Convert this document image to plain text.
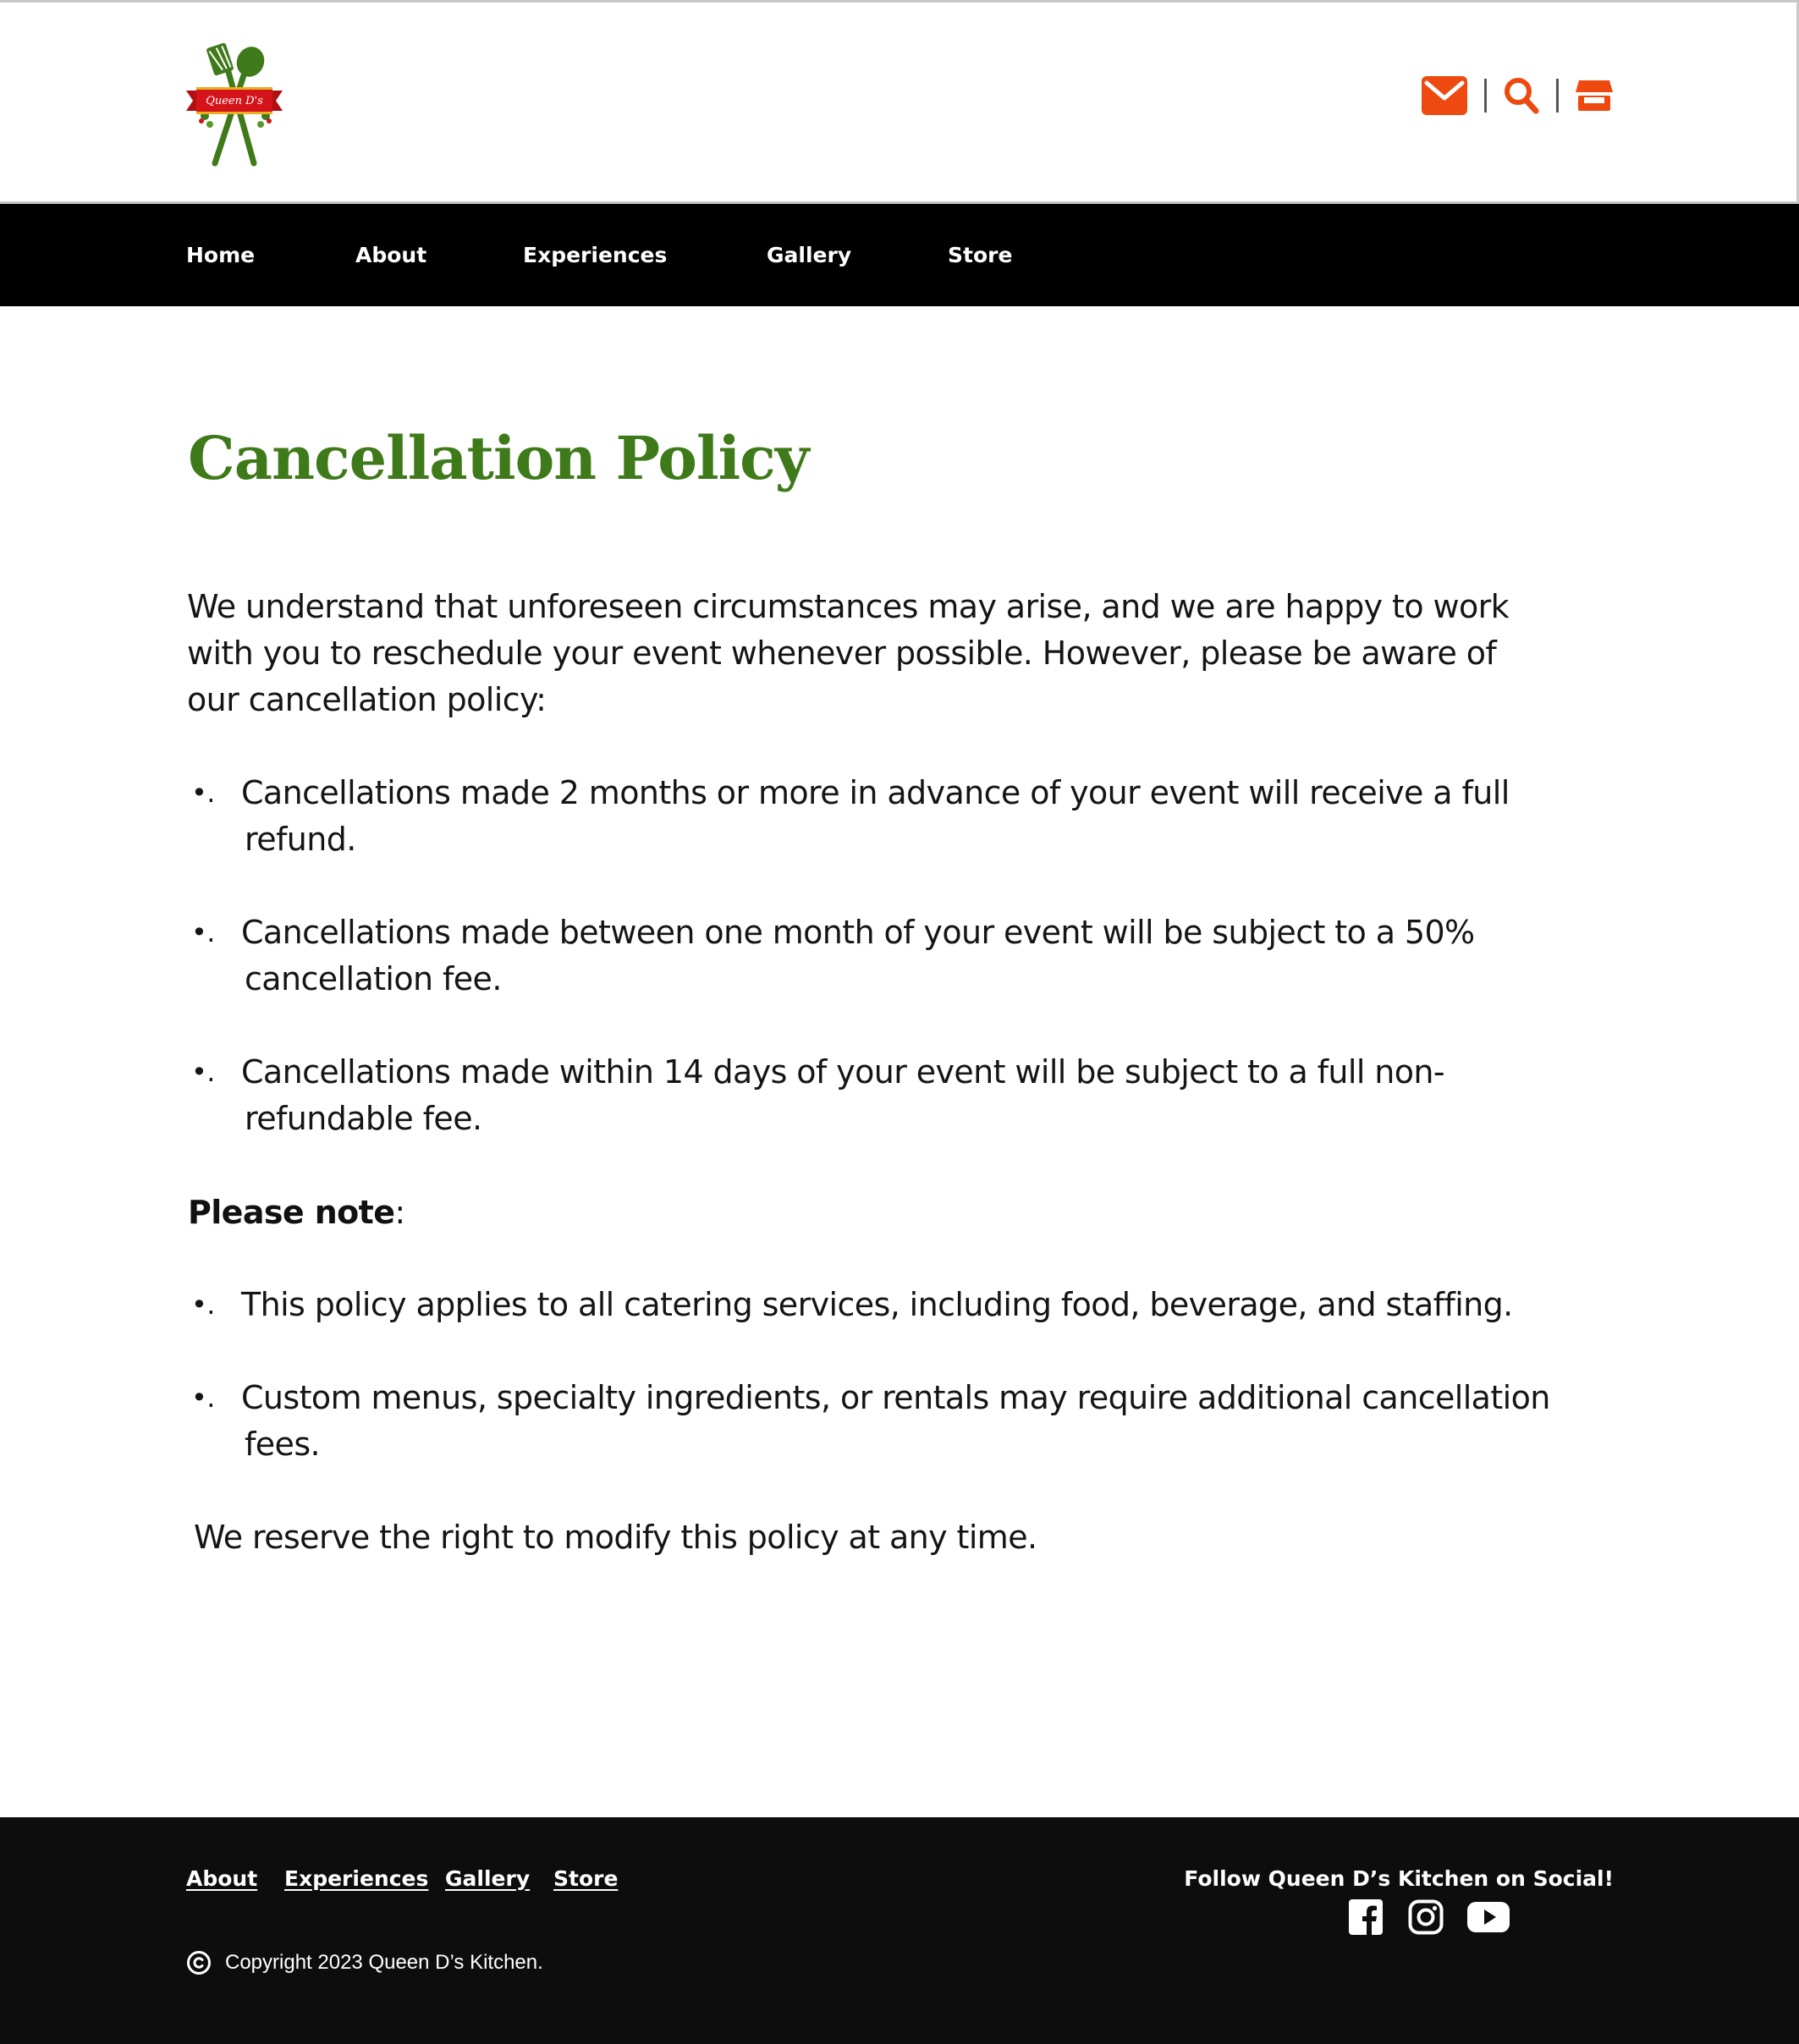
Queen D's
Home	About	Experiences	Gallery	Store
Cancellation Policy

We understand that unforeseen circumstances may arise, and we are happy to work with you to reschedule your event whenever possible. However, please be aware of our cancellation policy:

•. Cancellations made 2 months or more in advance of your event will receive a full refund.
•. Cancellations made between one month of your event will be subject to a 50% cancellation fee.
•. Cancellations made within 14 days of your event will be subject to a full non-refundable fee.
Please note:
•. This policy applies to all catering services, including food, beverage, and staffing.
•. Custom menus, specialty ingredients, or rentals may require additional cancellation fees.

We reserve the right to modify this policy at any time.

About Experiences Gallery Store
Copyright 2023 Queen D’s Kitchen.
Follow Queen D’s Kitchen on Social!
